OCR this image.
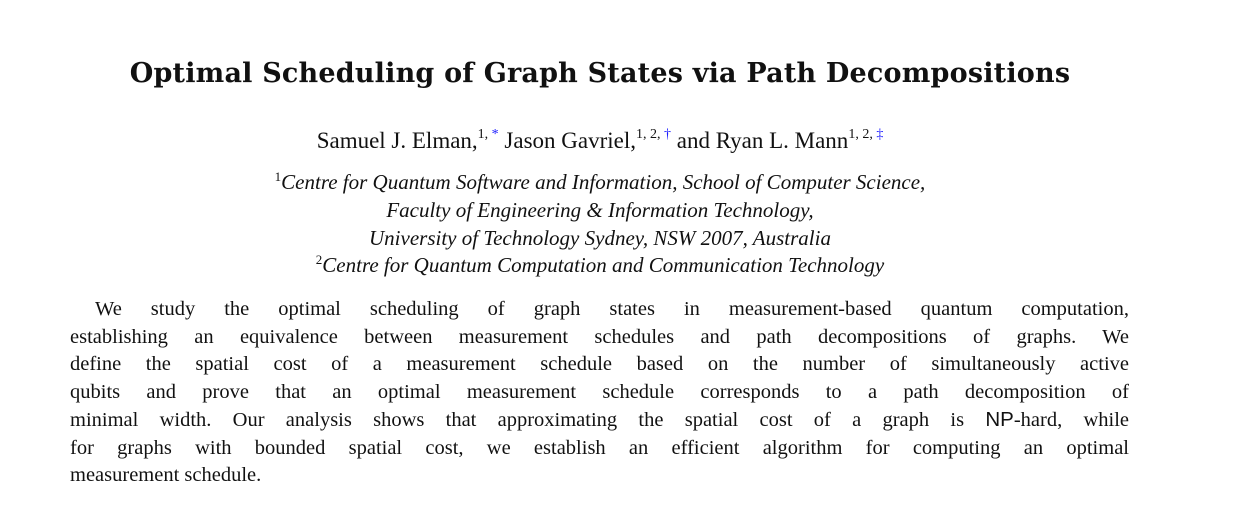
Optimal Scheduling of Graph States via Path Decompositions
Samuel J. Elman,$^{1, *}$ Jason Gavriel,$^{1, 2, \dagger}$ and Ryan L. Mann$^{1, 2, \ddagger}$
$^1$Centre for Quantum Software and Information, School of Computer Science,
Faculty of Engineering & Information Technology,
University of Technology Sydney, NSW 2007, Australia
$^2$Centre for Quantum Computation and Communication Technology
We study the optimal scheduling of graph states in measurement-based quantum computation,
establishing an equivalence between measurement schedules and path decompositions of graphs. We
define the spatial cost of a measurement schedule based on the number of simultaneously active
qubits and prove that an optimal measurement schedule corresponds to a path decomposition of
minimal width. Our analysis shows that approximating the spatial cost of a graph is NP-hard, while
for graphs with bounded spatial cost, we establish an efficient algorithm for computing an optimal
measurement schedule.
